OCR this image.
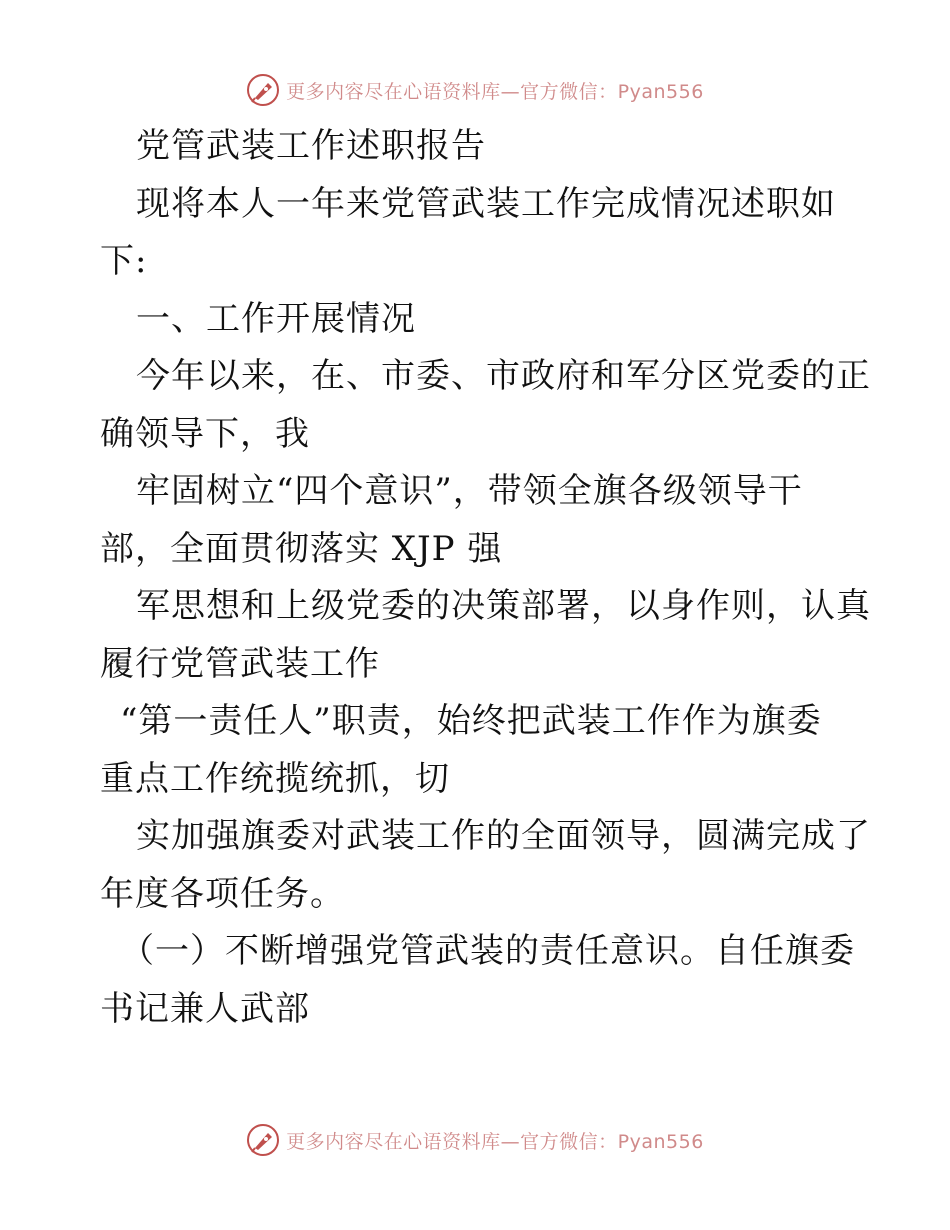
更多内容尽在心语资料库—官方微信：Pyan556
党管武装工作述职报告
现将本人一年来党管武装工作完成情况述职如
下:
一、工作开展情况
今年以来，在、市委、市政府和军分区党委的正
确领导下，我
牢固树立“四个意识”，带领全旗各级领导干
部，全面贯彻落实 XJP 强
军思想和上级党委的决策部署，以身作则，认真
履行党管武装工作
“第一责任人”职责，始终把武装工作作为旗委
重点工作统揽统抓，切
实加强旗委对武装工作的全面领导，圆满完成了
年度各项任务。
（一）不断增强党管武装的责任意识。自任旗委
书记兼人武部
更多内容尽在心语资料库—官方微信：Pyan556
